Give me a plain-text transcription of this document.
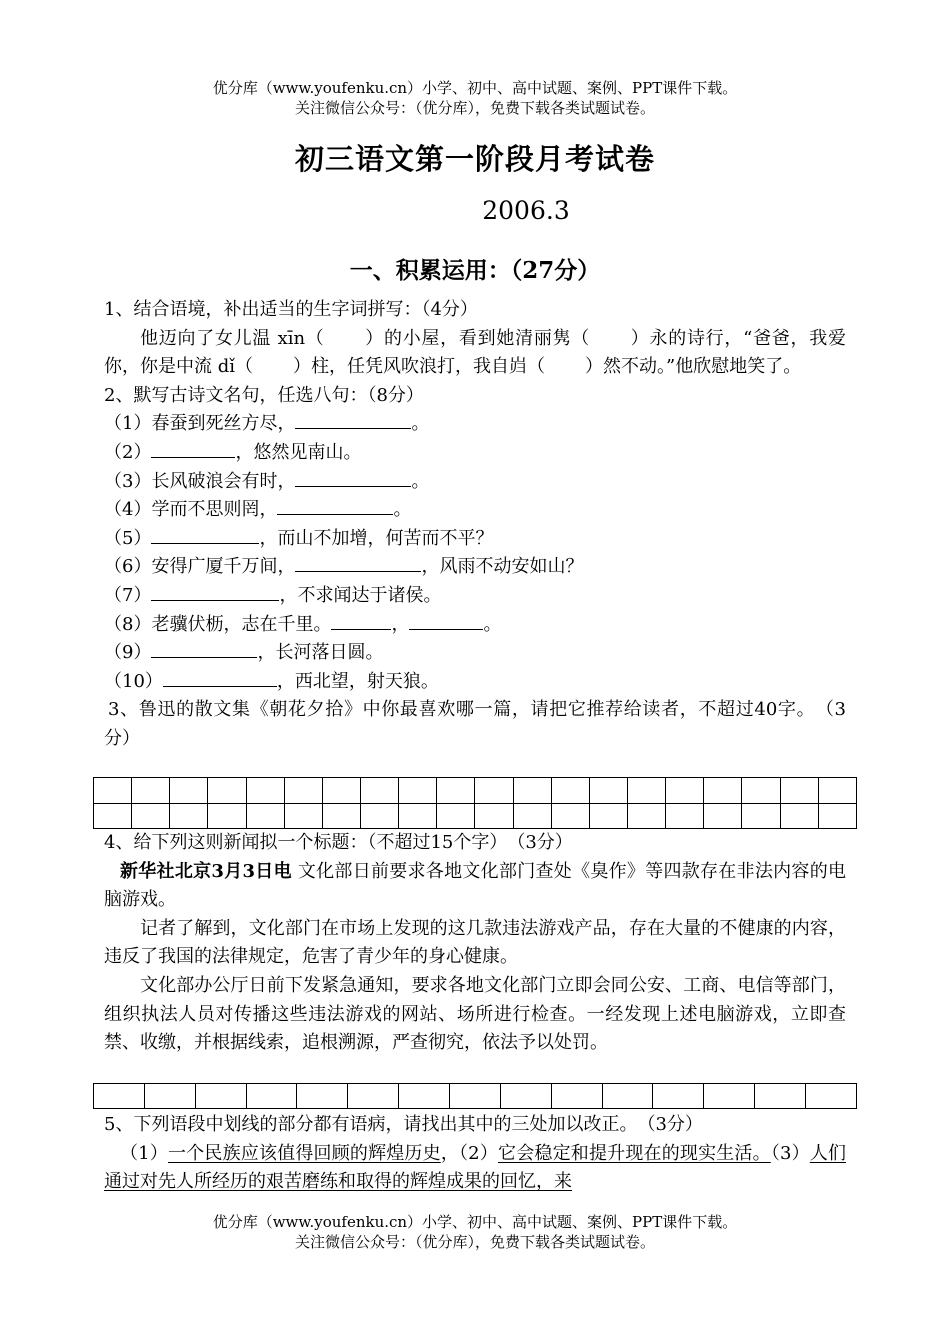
优分库（www.youfenku.cn）小学、初中、高中试题、案例、PPT课件下载。
关注微信公众号：（优分库），免费下载各类试题试卷。
初三语文第一阶段月考试卷
2006.3
一、积累运用：（27分）

1、结合语境，补出适当的生字词拼写：（4分）

他迈向了女儿温 xīn（ ）的小屋，看到她清丽隽（ ）永的诗行，“爸爸，我爱你，你是中流 dǐ（ ）柱，任凭风吹浪打，我自岿（ ）然不动。”他欣慰地笑了。

2、默写古诗文名句，任选八句：（8分）

（1）春蚕到死丝方尽，	。

（2）	，悠然见南山。

（3）长风破浪会有时，	。

（4）学而不思则罔，	。

（5）	，而山不加增，何苦而不平？

（6）安得广厦千万间，	，风雨不动安如山？

（7）	，不求闻达于诸侯。

（8）老骥伏枥，志在千里。	，	。

（9）	，长河落日圆。

（10）	，西北望，射天狼。

3、鲁迅的散文集《朝花夕拾》中你最喜欢哪一篇，请把它推荐给读者，不超过40字。　（3分）

4、给下列这则新闻拟一个标题：（不超过15个字）　（3分）

新华社北京3月3日电 文化部日前要求各地文化部门查处《臭作》等四款存在非法内容的电脑游戏。

记者了解到，文化部门在市场上发现的这几款违法游戏产品，存在大量的不健康的内容，违反了我国的法律规定，危害了青少年的身心健康。

文化部办公厅日前下发紧急通知，要求各地文化部门立即会同公安、工商、电信等部门，组织执法人员对传播这些违法游戏的网站、场所进行检查。一经发现上述电脑游戏，立即查禁、收缴，并根据线索，追根溯源，严查彻究，依法予以处罚。

5、下列语段中划线的部分都有语病，请找出其中的三处加以改正。　（3分）

（1）一个民族应该值得回顾的辉煌历史，（2）它会稳定和提升现在的现实生活。（3）人们通过对先人所经历的艰苦磨练和取得的辉煌成果的回忆，来

优分库（www.youfenku.cn）小学、初中、高中试题、案例、PPT课件下载。
关注微信公众号：（优分库），免费下载各类试题试卷。
